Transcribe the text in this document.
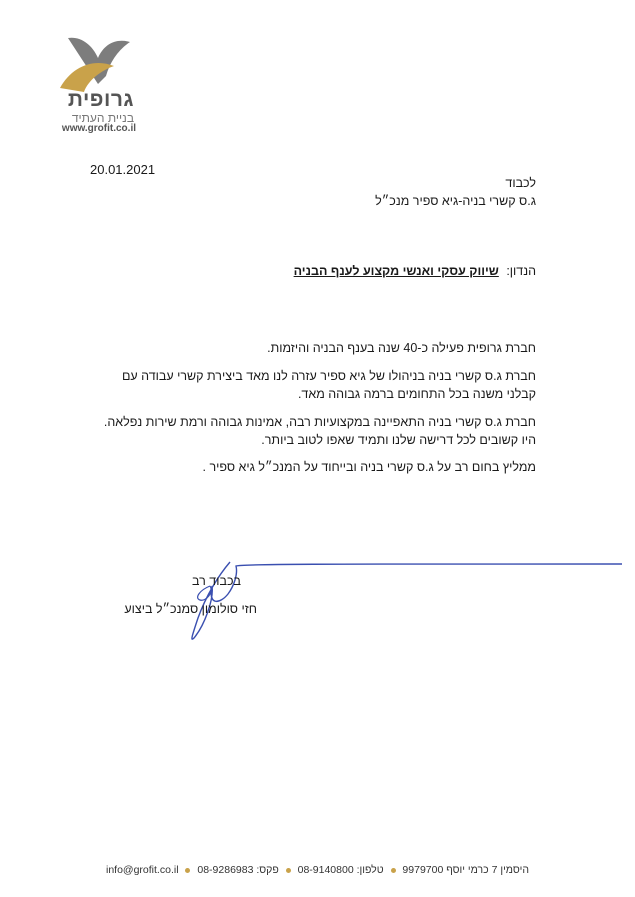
גרופית
בניית העתיד
www.grofit.co.il
20.01.2021
לכבוד
ג.ס קשרי בניה-גיא ספיר מנכ״ל
הנדון: שיווק עסקי ואנשי מקצוע לענף הבניה
חברת גרופית פעילה כ-40 שנה בענף הבניה והיזמות.
חברת ג.ס קשרי בניה בניהולו של גיא ספיר עזרה לנו מאד ביצירת קשרי עבודה עם קבלני משנה בכל התחומים ברמה גבוהה מאד.
חברת ג.ס קשרי בניה התאפיינה במקצועיות רבה, אמינות גבוהה ורמת שירות נפלאה. היו קשובים לכל דרישה שלנו ותמיד שאפו לטוב ביותר.
ממליץ בחום רב על ג.ס קשרי בניה ובייחוד על המנכ״ל גיא ספיר .
בכבוד רב
חזי סולומון סמנכ״ל ביצוע
היסמין 7 כרמי יוסף 9979700  טלפון: 08-9140800  פקס: 08-9286983  info@grofit.co.il
